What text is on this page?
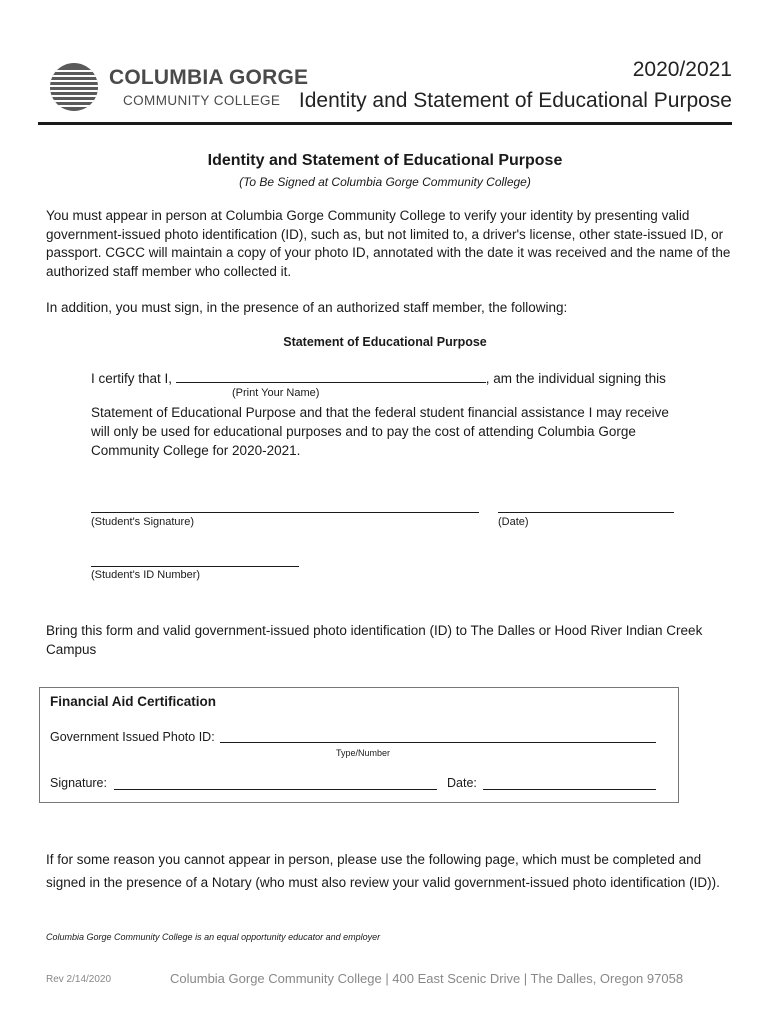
COLUMBIA GORGE
COMMUNITY COLLEGE
2020/2021
Identity and Statement of Educational Purpose
Identity and Statement of Educational Purpose
(To Be Signed at Columbia Gorge Community College)
You must appear in person at Columbia Gorge Community College to verify your identity by presenting valid government-issued photo identification (ID), such as, but not limited to, a driver's license, other state-issued ID, or passport. CGCC will maintain a copy of your photo ID, annotated with the date it was received and the name of the authorized staff member who collected it.
In addition, you must sign, in the presence of an authorized staff member, the following:
Statement of Educational Purpose
I certify that I,	, am the individual signing this
(Print Your Name)
Statement of Educational Purpose and that the federal student financial assistance I may receive will only be used for educational purposes and to pay the cost of attending Columbia Gorge Community College for 2020-2021.
(Student's Signature)	(Date)
(Student's ID Number)
Bring this form and valid government-issued photo identification (ID) to The Dalles or Hood River Indian Creek Campus
Financial Aid Certification
Government Issued Photo ID:
Type/Number
Signature:	Date:
If for some reason you cannot appear in person, please use the following page, which must be completed and signed in the presence of a Notary (who must also review your valid government-issued photo identification (ID)).
Columbia Gorge Community College is an equal opportunity educator and employer
Rev 2/14/2020	Columbia Gorge Community College | 400 East Scenic Drive | The Dalles, Oregon 97058
